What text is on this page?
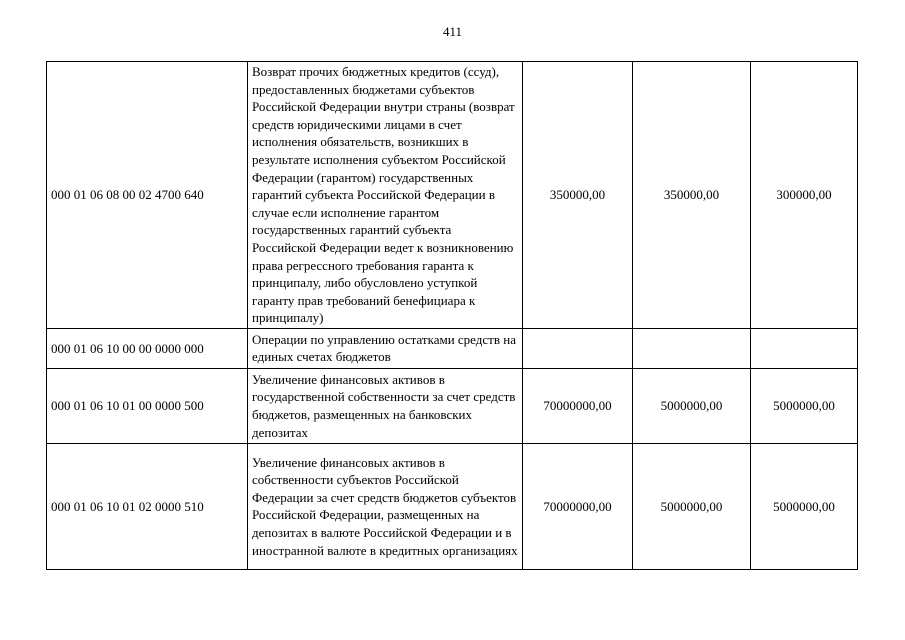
411
000 01 06 08 00 02 4700 640	Возврат прочих бюджетных кредитов (ссуд), предоставленных бюджетами субъектов Российской Федерации внутри страны (возврат средств юридическими лицами в счет исполнения обязательств, возникших в результате исполнения субъектом Российской Федерации (гарантом) государственных гарантий субъекта Российской Федерации в случае если исполнение гарантом государственных гарантий субъекта Российской Федерации ведет к возникновению права регрессного требования гаранта к принципалу, либо обусловлено уступкой гаранту прав требований бенефициара к принципалу)	350000,00	350000,00	300000,00
000 01 06 10 00 00 0000 000	Операции по управлению остатками средств на единых счетах бюджетов			
000 01 06 10 01 00 0000 500	Увеличение финансовых активов в государственной собственности за счет средств бюджетов, размещенных на банковских депозитах	70000000,00	5000000,00	5000000,00
000 01 06 10 01 02 0000 510	Увеличение финансовых активов в собственности субъектов Российской Федерации за счет средств бюджетов субъектов Российской Федерации, размещенных на депозитах в валюте Российской Федерации и в иностранной валюте в кредитных организациях	70000000,00	5000000,00	5000000,00
